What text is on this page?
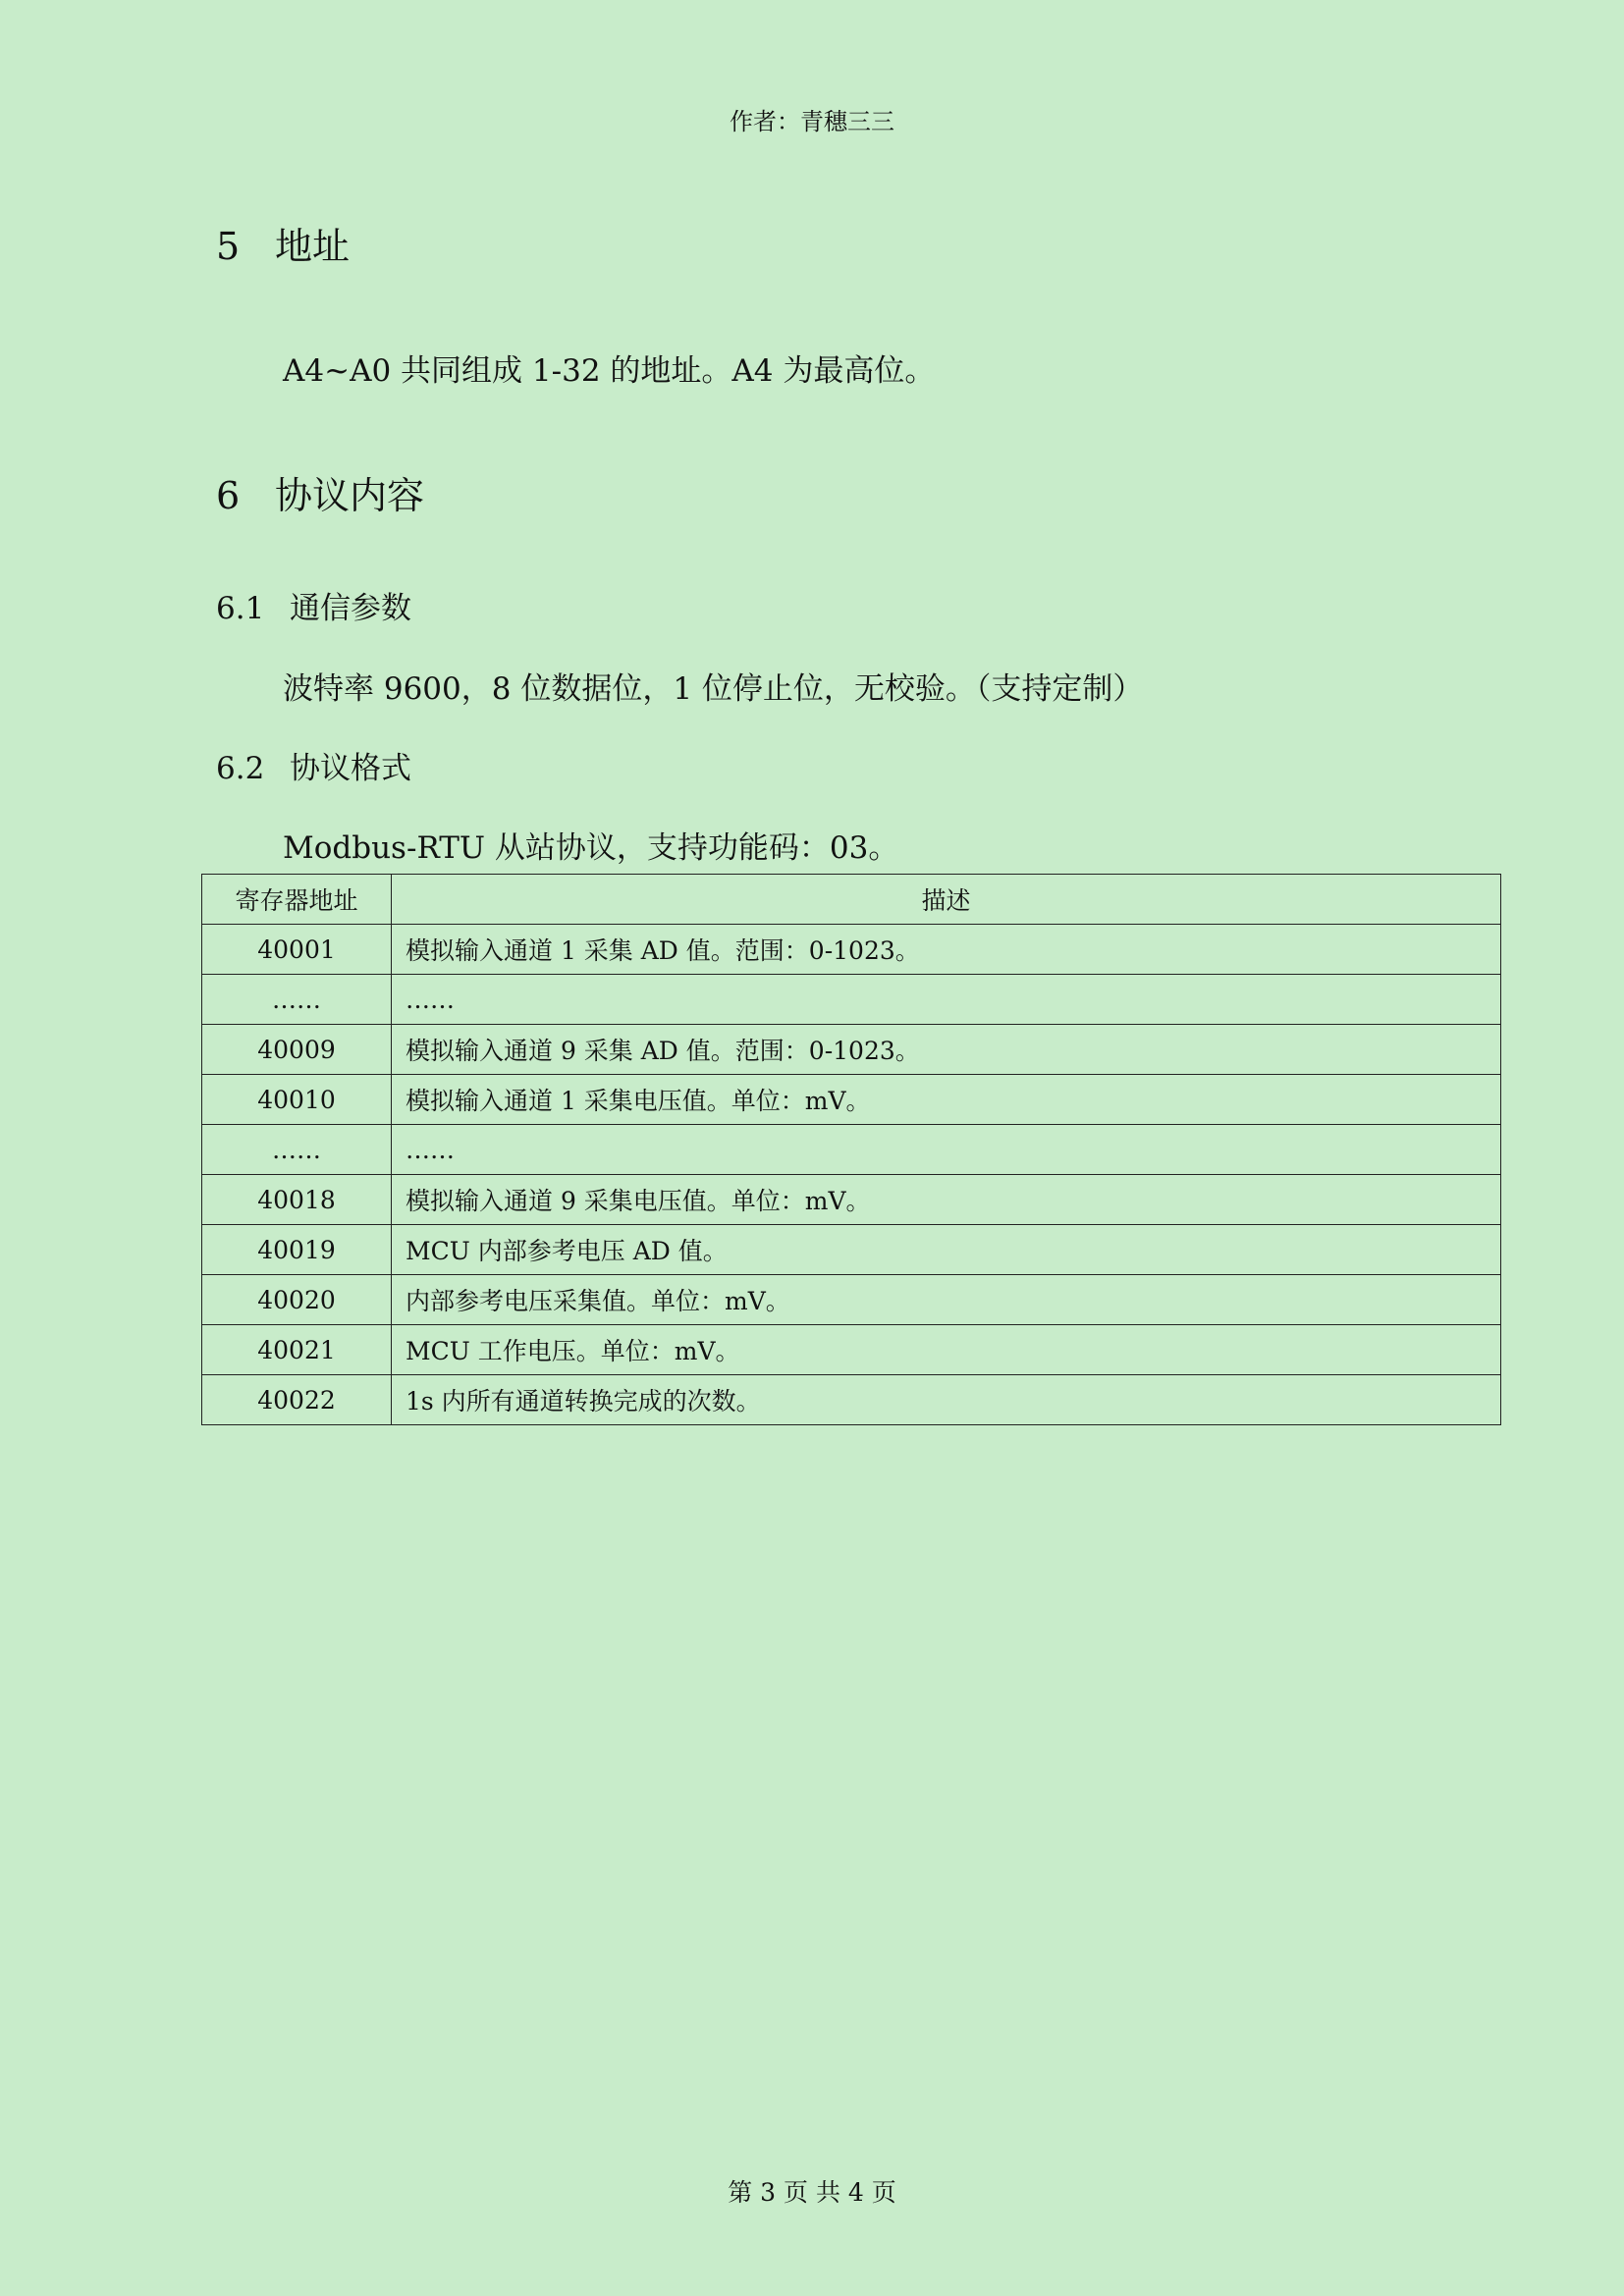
作者：青穗三三
5 地址
A4~A0 共同组成 1-32 的地址。A4 为最高位。
6 协议内容
6.1 通信参数
波特率 9600，8 位数据位，1 位停止位，无校验。（支持定制）
6.2 协议格式
Modbus-RTU 从站协议，支持功能码：03。
寄存器地址	描述
40001	模拟输入通道 1 采集 AD 值。范围：0-1023。
……	……
40009	模拟输入通道 9 采集 AD 值。范围：0-1023。
40010	模拟输入通道 1 采集电压值。单位：mV。
……	……
40018	模拟输入通道 9 采集电压值。单位：mV。
40019	MCU 内部参考电压 AD 值。
40020	内部参考电压采集值。单位：mV。
40021	MCU 工作电压。单位：mV。
40022	1s 内所有通道转换完成的次数。
第 3 页 共 4 页
